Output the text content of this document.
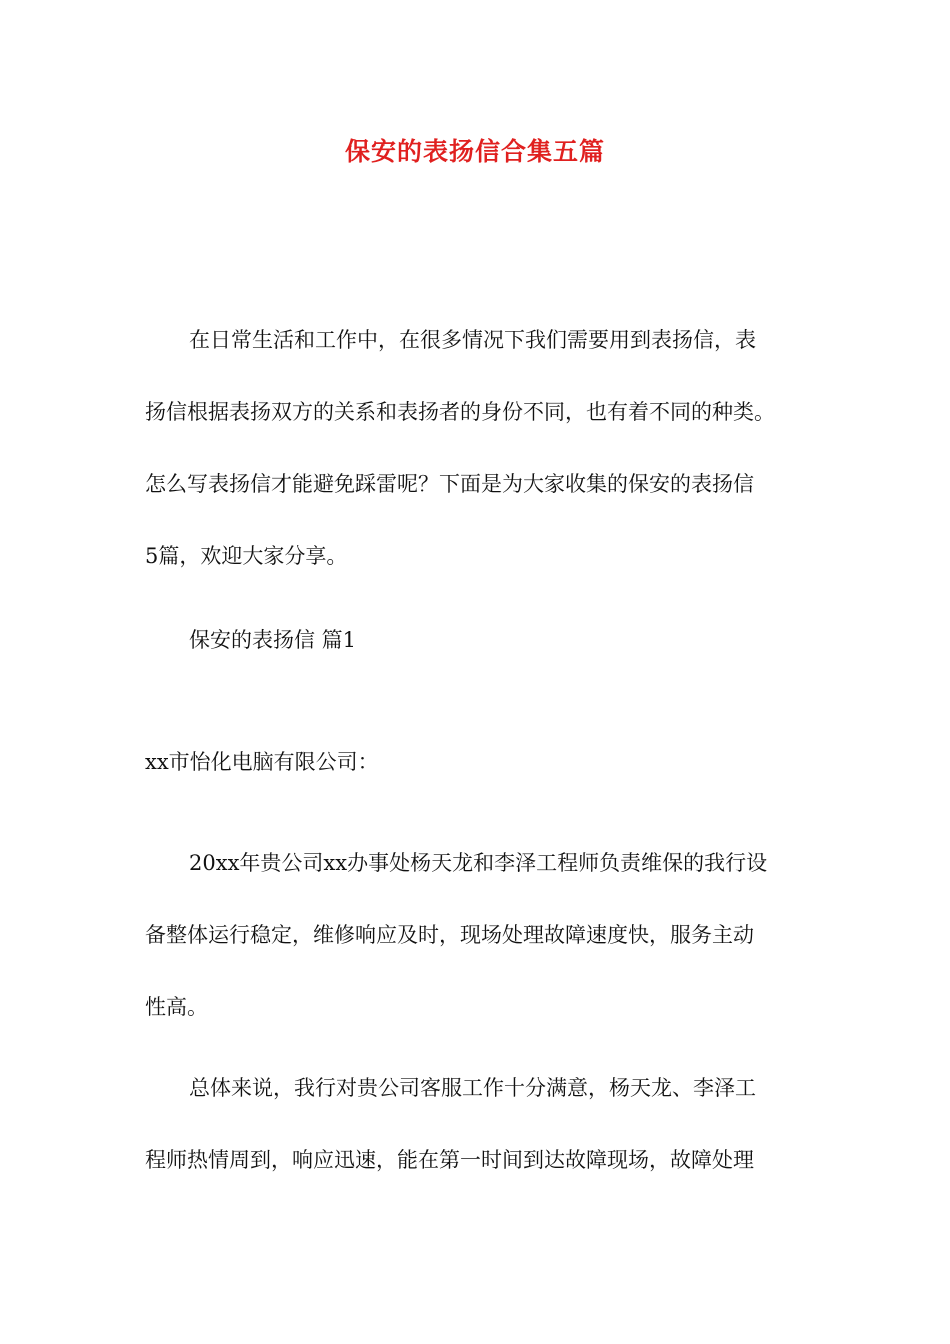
保安的表扬信合集五篇

在日常生活和工作中，在很多情况下我们需要用到表扬信，表
扬信根据表扬双方的关系和表扬者的身份不同，也有着不同的种类。
怎么写表扬信才能避免踩雷呢？下面是为大家收集的保安的表扬信
5篇，欢迎大家分享。

保安的表扬信 篇1

xx市怡化电脑有限公司：

20xx年贵公司xx办事处杨天龙和李泽工程师负责维保的我行设
备整体运行稳定，维修响应及时，现场处理故障速度快，服务主动
性高。

总体来说，我行对贵公司客服工作十分满意，杨天龙、李泽工
程师热情周到，响应迅速，能在第一时间到达故障现场，故障处理
